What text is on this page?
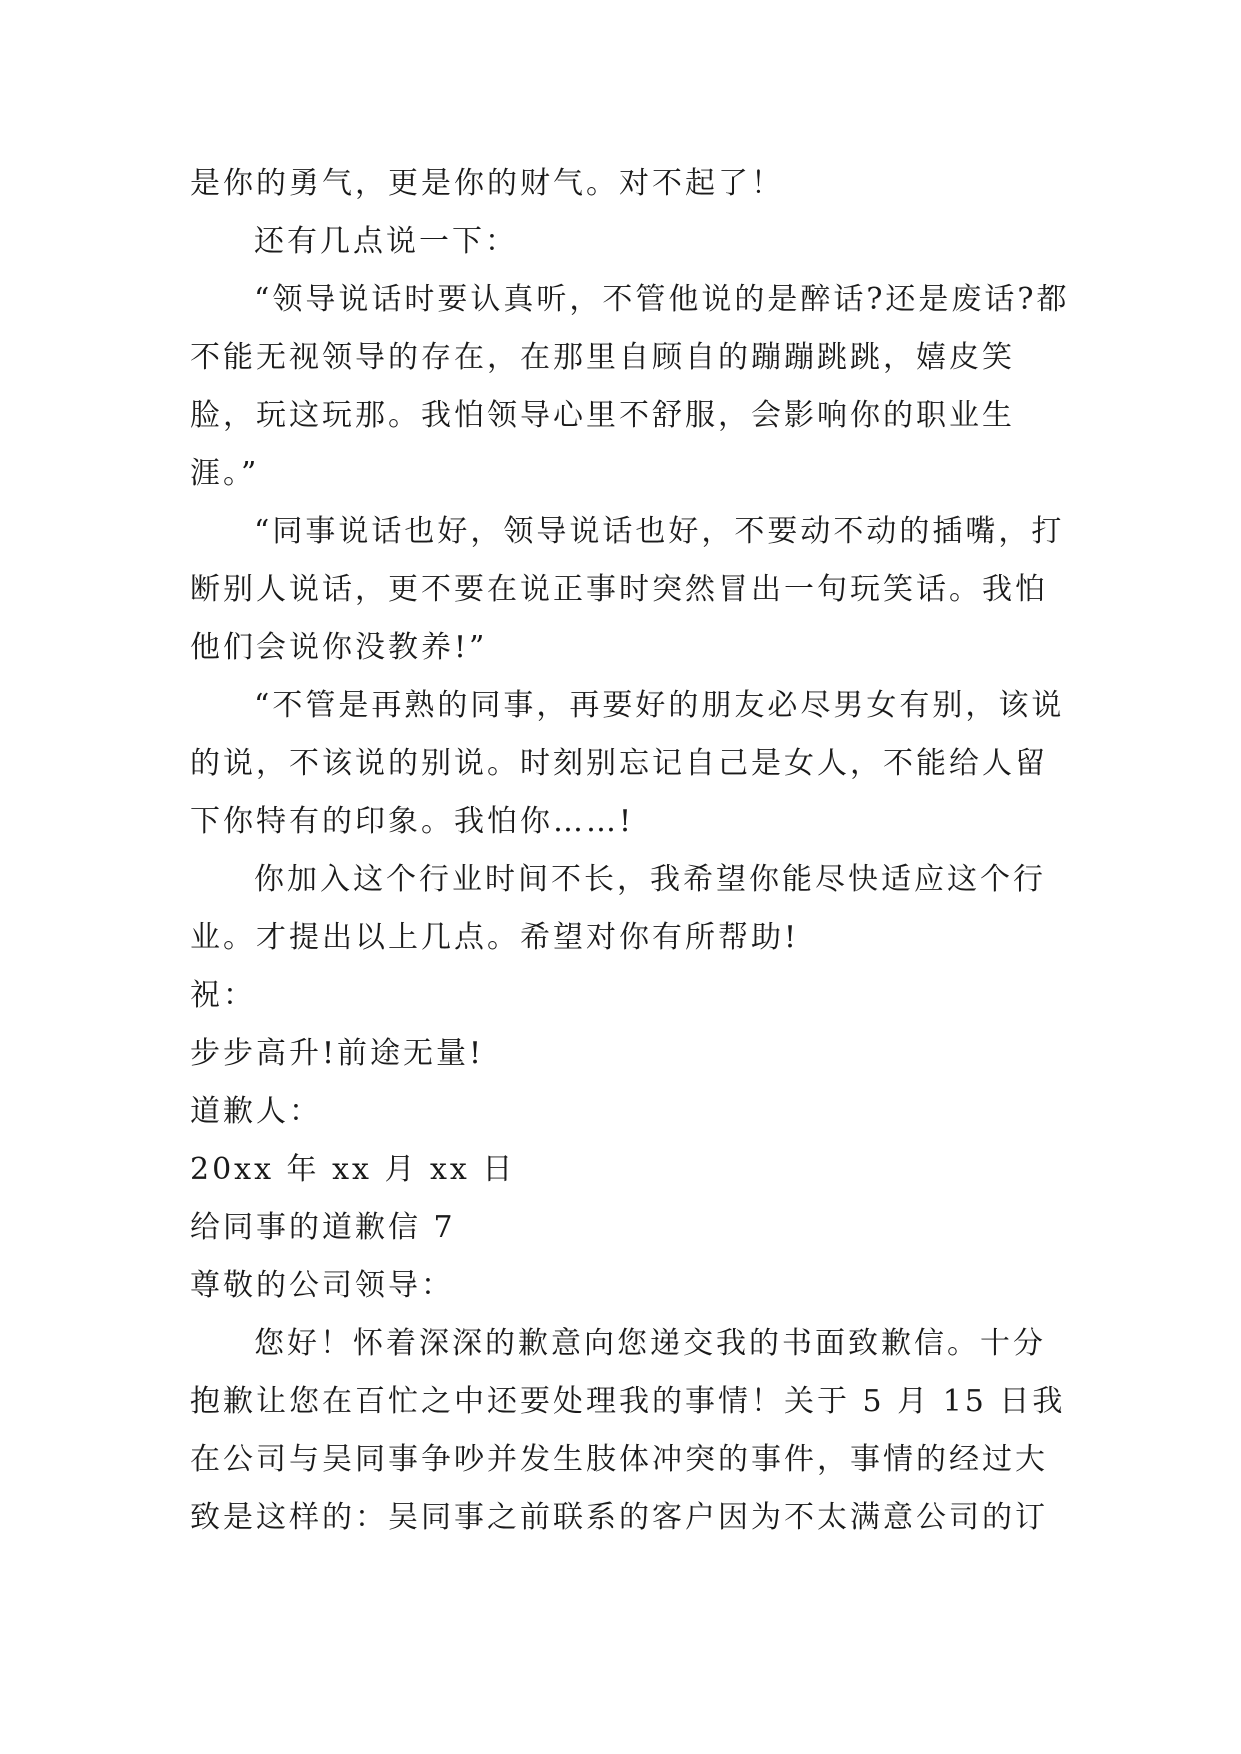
是你的勇气，更是你的财气。对不起了！

还有几点说一下：

“领导说话时要认真听，不管他说的是醉话?还是废话?都不能无视领导的存在，在那里自顾自的蹦蹦跳跳，嬉皮笑脸，玩这玩那。我怕领导心里不舒服，会影响你的职业生涯。”

“同事说话也好，领导说话也好，不要动不动的插嘴，打断别人说话，更不要在说正事时突然冒出一句玩笑话。我怕他们会说你没教养!”

“不管是再熟的同事，再要好的朋友必尽男女有别，该说的说，不该说的别说。时刻别忘记自己是女人，不能给人留下你特有的印象。我怕你……!

你加入这个行业时间不长，我希望你能尽快适应这个行业。才提出以上几点。希望对你有所帮助!

祝：

步步高升!前途无量!

道歉人：

20xx 年 xx 月 xx 日

给同事的道歉信 7

尊敬的公司领导：

您好！怀着深深的歉意向您递交我的书面致歉信。十分抱歉让您在百忙之中还要处理我的事情！关于 5 月 15 日我在公司与吴同事争吵并发生肢体冲突的事件，事情的经过大致是这样的：吴同事之前联系的客户因为不太满意公司的订
